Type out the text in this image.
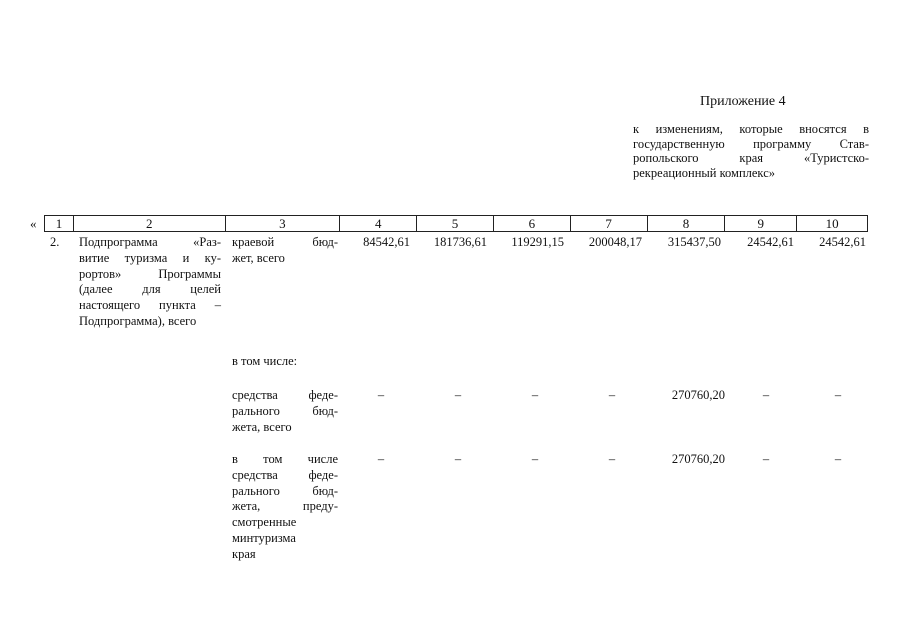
Приложение 4
к изменениям, которые вносятся в
государственную программу Став-
ропольского края «Туристско-
рекреационный комплекс»
«	1	2	3	4	5	6	7	8	9	10
2. Подпрограмма «Раз-
витие туризма и ку-
рортов» Программы
(далее для целей
настоящего пункта –
Подпрограмма), всего
краевой бюд-
жет, всего
84542,61 181736,61 119291,15 200048,17 315437,50 24542,61 24542,61
в том числе:
средства феде-
рального бюд-
жета, всего
–	–	–	–	270760,20	–	–
в том числе
средства феде-
рального бюд-
жета, преду-
смотренные
минтуризма
края
–	–	–	–	270760,20	–	–
